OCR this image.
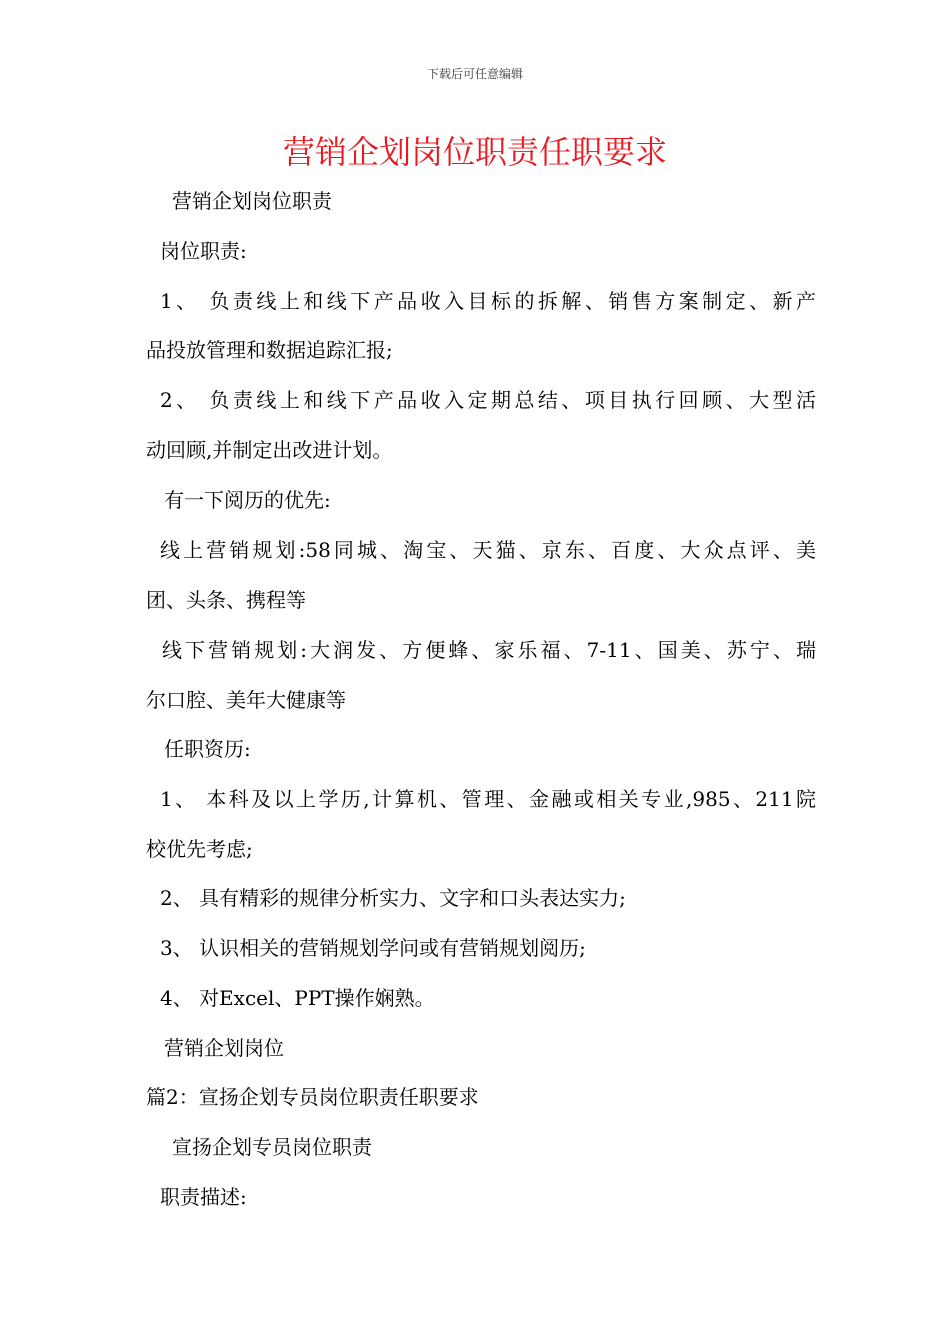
下载后可任意编辑
营销企划岗位职责任职要求
营销企划岗位职责
岗位职责:
1、 负责线上和线下产品收入目标的拆解、销售方案制定、新产
品投放管理和数据追踪汇报;
2、 负责线上和线下产品收入定期总结、项目执行回顾、大型活
动回顾,并制定出改进计划。
有一下阅历的优先:
线上营销规划:58同城、淘宝、天猫、京东、百度、大众点评、美
团、头条、携程等
线下营销规划:大润发、方便蜂、家乐福、7-11、国美、苏宁、瑞
尔口腔、美年大健康等
任职资历:
1、 本科及以上学历,计算机、管理、金融或相关专业,985、211院
校优先考虑;
2、 具有精彩的规律分析实力、文字和口头表达实力;
3、 认识相关的营销规划学问或有营销规划阅历;
4、 对Excel、PPT操作娴熟。
营销企划岗位
篇2：宣扬企划专员岗位职责任职要求
宣扬企划专员岗位职责
职责描述:
